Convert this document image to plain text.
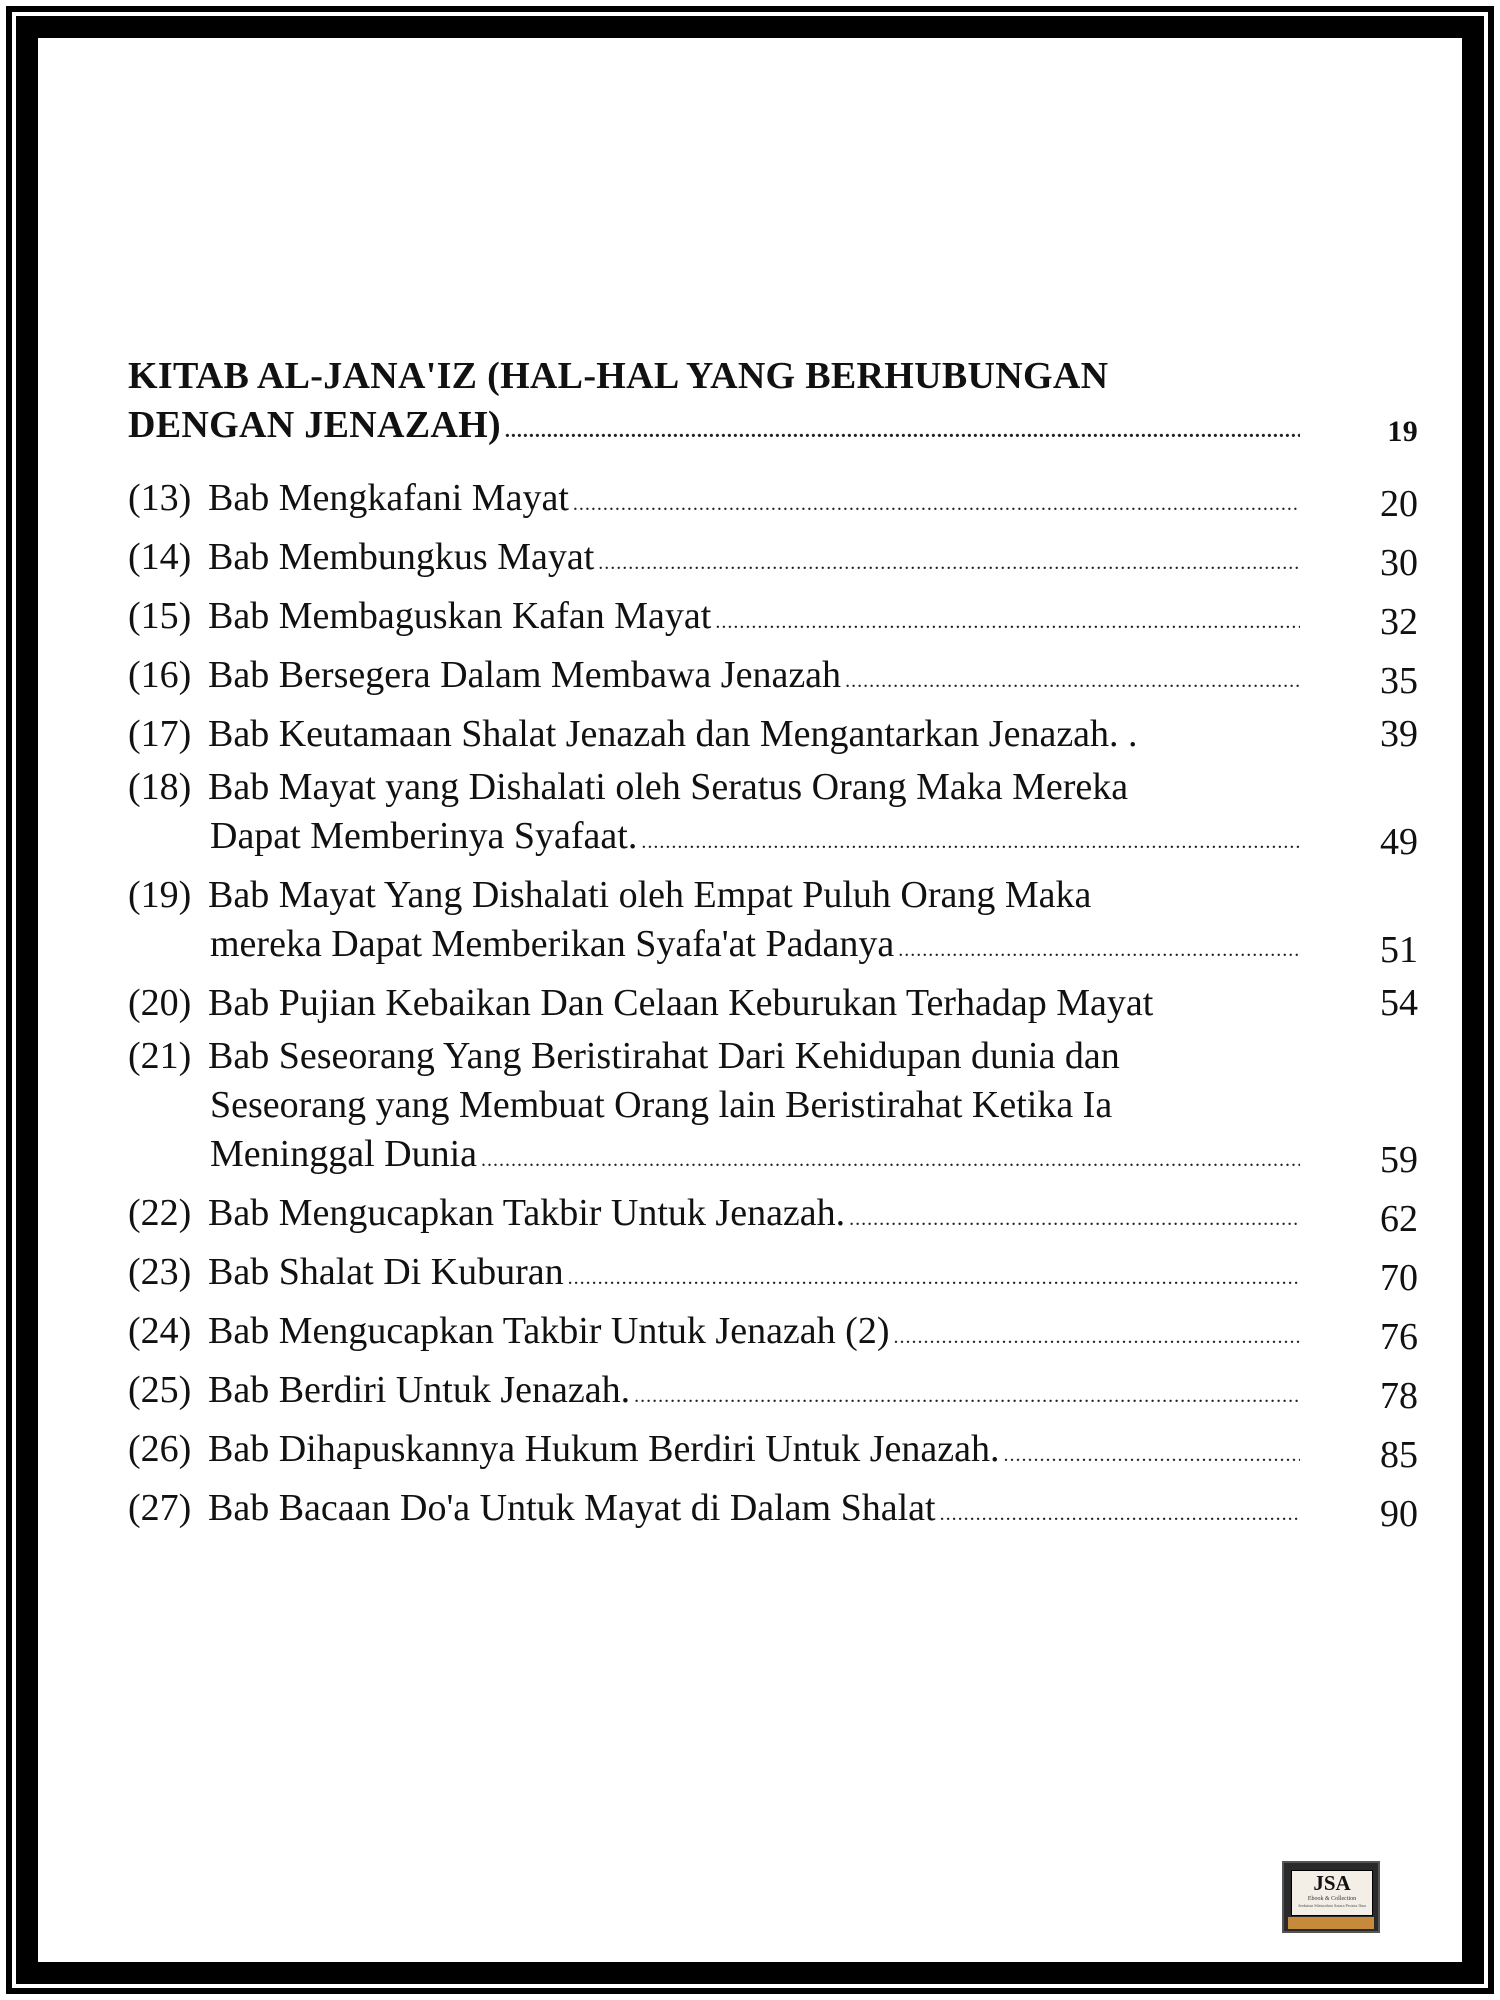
KITAB AL-JANA'IZ (HAL-HAL YANG BERHUBUNGAN
DENGAN JENAZAH) .....	19
(13) Bab Mengkafani Mayat .....	20
(14) Bab Membungkus Mayat .....	30
(15) Bab Membaguskan Kafan Mayat .....	32
(16) Bab Bersegera Dalam Membawa Jenazah .....	35
(17) Bab Keutamaan Shalat Jenazah dan Mengantarkan Jenazah. .	39
(18) Bab Mayat yang Dishalati oleh Seratus Orang Maka Mereka
Dapat Memberinya Syafaat. .....	49
(19) Bab Mayat Yang Dishalati oleh Empat Puluh Orang Maka
mereka Dapat Memberikan Syafa'at Padanya .....	51
(20) Bab Pujian Kebaikan Dan Celaan Keburukan Terhadap Mayat	54
(21) Bab Seseorang Yang Beristirahat Dari Kehidupan dunia dan
Seseorang yang Membuat Orang lain Beristirahat Ketika Ia
Meninggal Dunia .....	59
(22) Bab Mengucapkan Takbir Untuk Jenazah. .....	62
(23) Bab Shalat Di Kuburan .....	70
(24) Bab Mengucapkan Takbir Untuk Jenazah (2) .....	76
(25) Bab Berdiri Untuk Jenazah. .....	78
(26) Bab Dihapuskannya Hukum Berdiri Untuk Jenazah. .....	85
(27) Bab Bacaan Do'a Untuk Mayat di Dalam Shalat .....	90
JSA
Ebook & Collection
Jembatan Silaturahmi Antara Pecinta Ilmu
